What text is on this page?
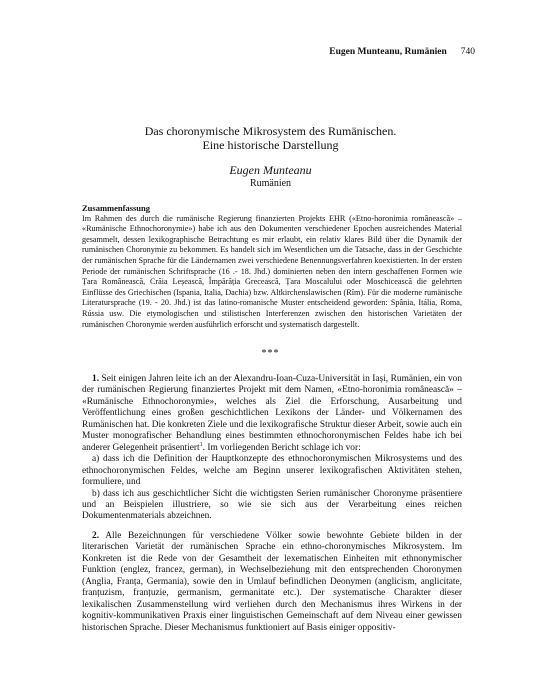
Eugen Munteanu, Rumänien 740
Das choronymische Mikrosystem des Rumänischen.
Eine historische Darstellung
Eugen Munteanu
Rumänien
Zusammenfassung

Im Rahmen des durch die rumänische Regierung finanzierten Projekts EHR («Etno-horonimia românească» – «Rumänische Ethnochoronymie») habe ich aus den Dokumenten verschiedener Epochen ausreichendes Material gesammelt, dessen lexikographische Betrachtung es mir erlaubt, ein relativ klares Bild über die Dynamik der rumänischen Choronymie zu bekommen. Es handelt sich im Wesentlichen um die Tatsache, dass in der Geschichte der rumänischen Sprache für die Ländernamen zwei verschiedene Benennungsverfahren koexistierten. In der ersten Periode der rumänischen Schriftsprache (16 .- 18. Jhd.) dominierten neben den intern geschaffenen Formen wie Țara Românească, Crăia Leșească, Împărăția Grecească, Țara Moscalului oder Moschicească die gelehrten Einflüsse des Griechischen (Ispania, Italia, Dachia) bzw. Altkirchenslawischen (Rîm). Für die moderne rumänische Literatursprache (19. - 20. Jhd.) ist das latino-romanische Muster entscheidend geworden: Spânia, Itália, Roma, Rússia usw. Die etymologischen und stilistischen Interferenzen zwischen den historischen Varietäten der rumänischen Choronymie werden ausführlich erforscht und systematisch dargestellt.

***

1. Seit einigen Jahren leite ich an der Alexandru-Ioan-Cuza-Universität in Iași, Rumänien, ein von der rumänischen Regierung finanziertes Projekt mit dem Namen, «Etno-horonimia românească» – «Rumänische Ethnochoronymie», welches als Ziel die Erforschung, Ausarbeitung und Veröffentlichung eines großen geschichtlichen Lexikons der Länder- und Völkernamen des Rumänischen hat. Die konkreten Ziele und die lexikografische Struktur dieser Arbeit, sowie auch ein Muster monografischer Behandlung eines bestimmten ethnochoronymischen Feldes habe ich bei anderer Gelegenheit präsentiert$^1$. Im vorliegenden Bericht schlage ich vor:

a) dass ich die Definition der Hauptkonzepte des ethnochoronymischen Mikrosystems und des ethnochoronymischen Feldes, welche am Beginn unserer lexikografischen Aktivitäten stehen, formuliere, und

b) dass ich aus geschichtlicher Sicht die wichtigsten Serien rumänischer Choronyme präsentiere und an Beispielen illustriere, so wie sie sich aus der Verarbeitung eines reichen Dokumentenmaterials abzeichnen.

2. Alle Bezeichnungen für verschiedene Völker sowie bewohnte Gebiete bilden in der literarischen Varietät der rumänischen Sprache ein ethno-choronymisches Mikrosystem. Im Konkreten ist die Rede von der Gesamtheit der lexematischen Einheiten mit ethnonymischer Funktion (englez, francez, german), in Wechselbeziehung mit den entsprechenden Choronymen (Anglia, Franța, Germania), sowie den in Umlauf befindlichen Deonymen (anglicism, anglicitate, franțuzism, franțuzie, germanism, germanitate etc.). Der systematische Charakter dieser lexikalischen Zusammenstellung wird verliehen durch den Mechanismus ihres Wirkens in der kognitiv-kommunikativen Praxis einer linguistischen Gemeinschaft auf dem Niveau einer gewissen historischen Sprache. Dieser Mechanismus funktioniert auf Basis einiger oppositiv-
